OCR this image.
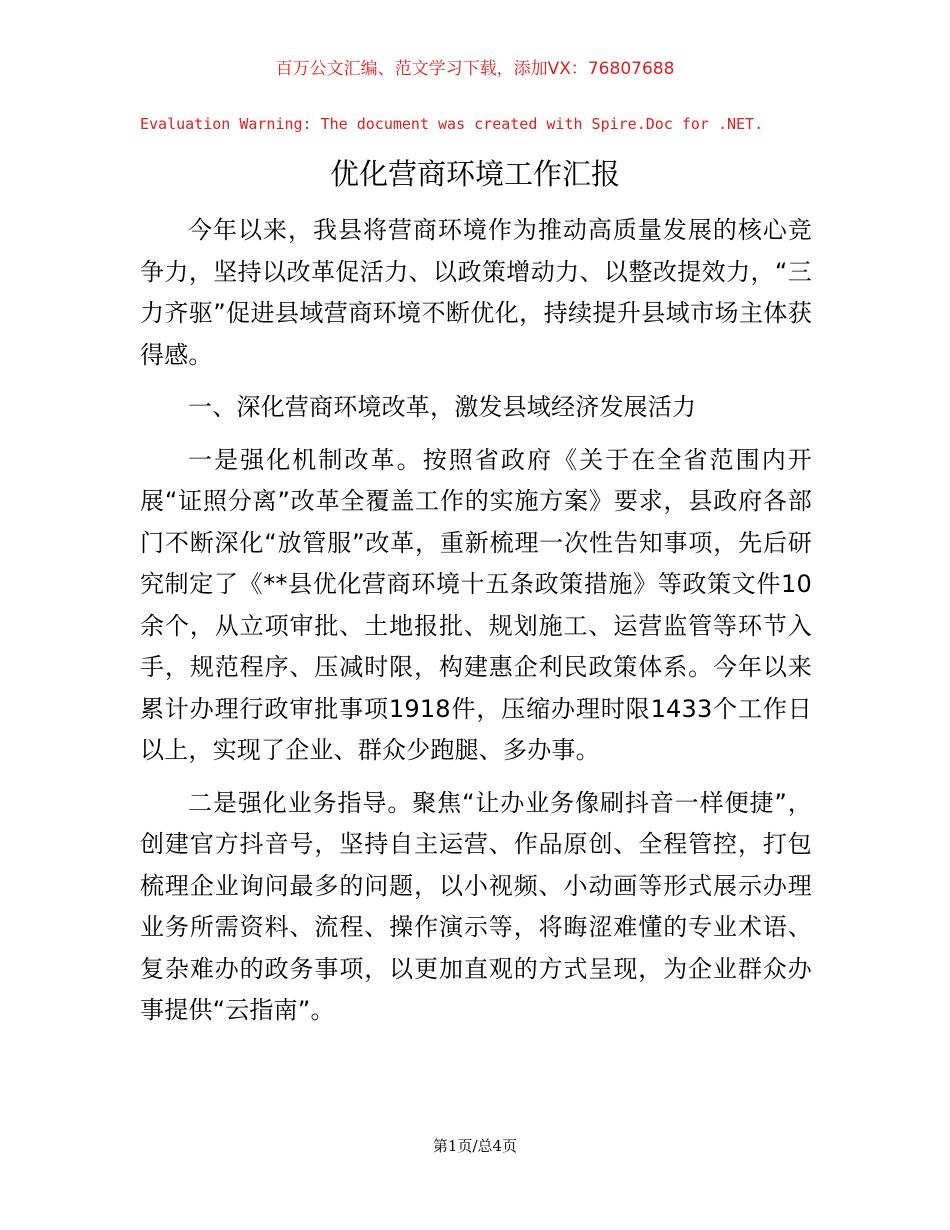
百万公文汇编、范文学习下载，添加VX：76807688
Evaluation Warning: The document was created with Spire.Doc for .NET.
优化营商环境工作汇报

今年以来，我县将营商环境作为推动高质量发展的核心竞争力，坚持以改革促活力、以政策增动力、以整改提效力，“三力齐驱”促进县域营商环境不断优化，持续提升县域市场主体获得感。

一、深化营商环境改革，激发县域经济发展活力

一是强化机制改革。按照省政府《关于在全省范围内开展“证照分离”改革全覆盖工作的实施方案》要求，县政府各部门不断深化“放管服”改革，重新梳理一次性告知事项，先后研究制定了《**县优化营商环境十五条政策措施》等政策文件10余个，从立项审批、土地报批、规划施工、运营监管等环节入手，规范程序、压减时限，构建惠企利民政策体系。今年以来累计办理行政审批事项1918件，压缩办理时限1433个工作日以上，实现了企业、群众少跑腿、多办事。

二是强化业务指导。聚焦“让办业务像刷抖音一样便捷”，创建官方抖音号，坚持自主运营、作品原创、全程管控，打包梳理企业询问最多的问题，以小视频、小动画等形式展示办理业务所需资料、流程、操作演示等，将晦涩难懂的专业术语、复杂难办的政务事项，以更加直观的方式呈现，为企业群众办事提供“云指南”。

第1页/总4页
